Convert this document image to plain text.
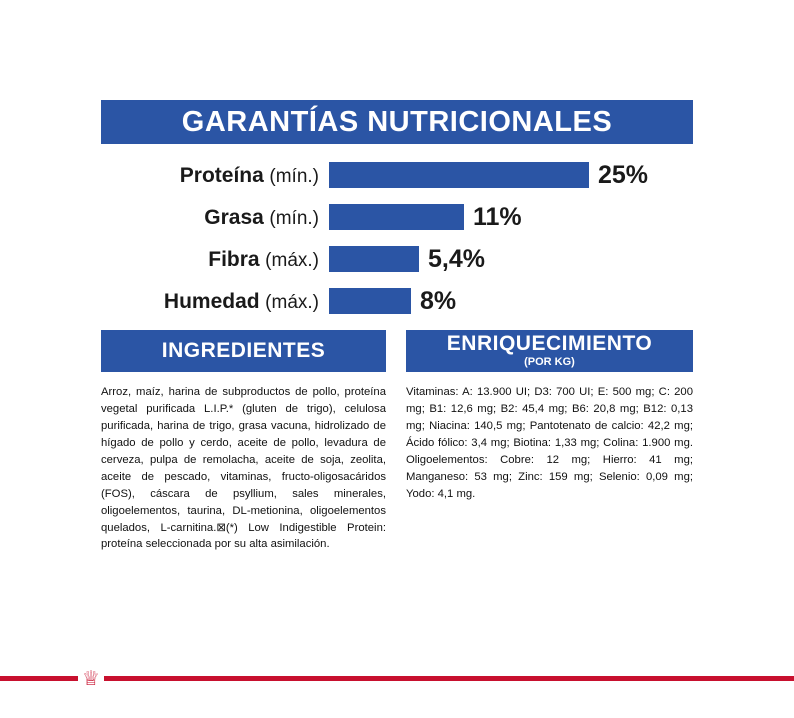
GARANTÍAS NUTRICIONALES
Proteína (mín.)	25%
Grasa (mín.)	11%
Fibra (máx.)	5,4%
Humedad (máx.)	8%
INGREDIENTES
Arroz, maíz, harina de subproductos de pollo, proteína vegetal purificada L.I.P.* (gluten de trigo), celulosa purificada, harina de trigo, grasa vacuna, hidrolizado de hígado de pollo y cerdo, aceite de pollo, levadura de cerveza, pulpa de remolacha, aceite de soja, zeolita, aceite de pescado, vitaminas, fructo-oligosacáridos (FOS), cáscara de psyllium, sales minerales, oligoelementos, taurina, DL-metionina, oligoelementos quelados, L-carnitina.⊠(*) Low Indigestible Protein: proteína seleccionada por su alta asimilación.
ENRIQUECIMIENTO
(POR KG)
Vitaminas: A: 13.900 UI; D3: 700 UI; E: 500 mg; C: 200 mg; B1: 12,6 mg; B2: 45,4 mg; B6: 20,8 mg; B12: 0,13 mg; Niacina: 140,5 mg; Pantotenato de calcio: 42,2 mg; Ácido fólico: 3,4 mg; Biotina: 1,33 mg; Colina: 1.900 mg. Oligoelementos: Cobre: 12 mg; Hierro: 41 mg; Manganeso: 53 mg; Zinc: 159 mg; Selenio: 0,09 mg; Yodo: 4,1 mg.
♕
